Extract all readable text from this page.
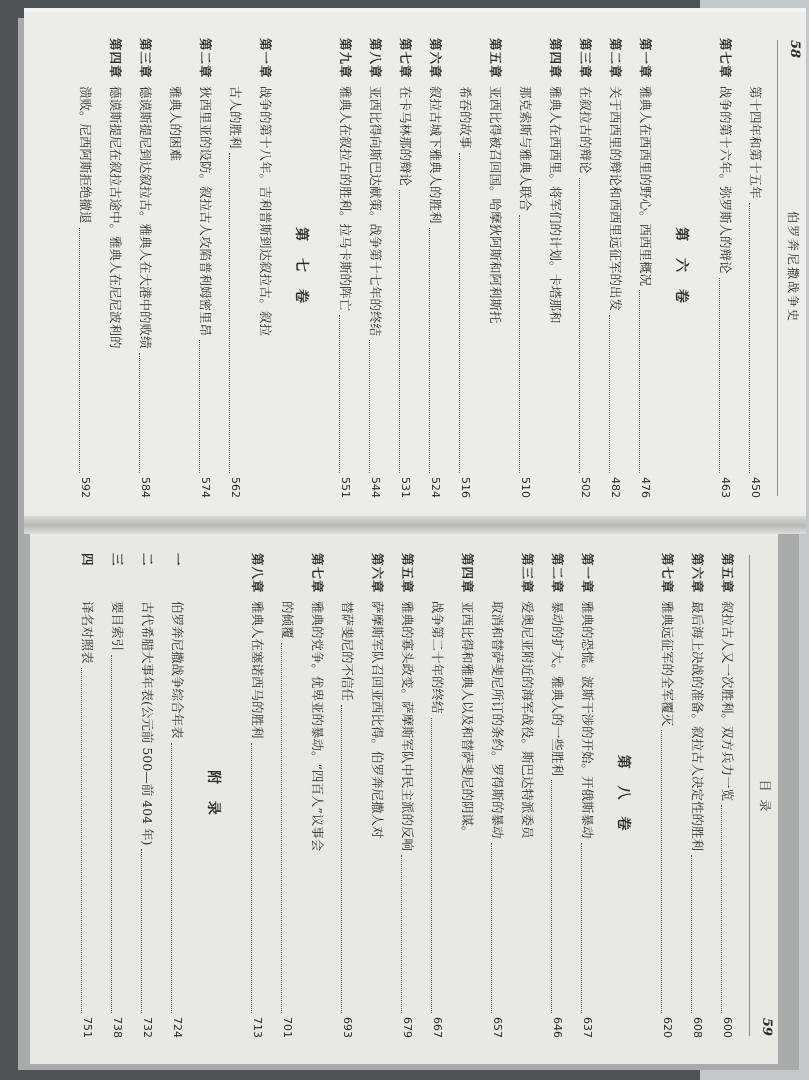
58
伯罗奔尼撒战争史
第十四年和第十五年
450
第七章
战争的第十六年。弥罗斯人的辩论
463
第 六 卷
第一章
雅典人在西西里的野心。西西里概况
476
第二章
关于西西里的辩论和西西里远征军的出发
482
第三章
在叙拉古的辩论
502
第四章
雅典人在西西里。将军们的计划。卡塔那和
那克索斯与雅典人联合
510
第五章
亚西比得被召回国。哈摩狄阿斯和阿利斯托
希吞的故事
516
第六章
叙拉古城下雅典人的胜利
524
第七章
在卡马林那的辩论
531
第八章
亚西比得向斯巴达献策。战争第十七年的终结
544
第九章
雅典人在叙拉古的胜利。拉马卡斯的阵亡
551
第 七 卷
第一章
战争的第十八年。吉利普斯到达叙拉古。叙拉
古人的胜利
562
第二章
狄西里亚的设防。叙拉古人攻陷普利姆密里昂
574
雅典人的困难
第三章
德谟斯提尼到达叙拉古。雅典人在大港中的败绩
584
第四章
德谟斯提尼在叙拉古途中。雅典人在尼尼波利的
溃败。尼西阿斯拒绝撤退
592
目 录
59
第五章
叙拉古人又一次胜利。双方兵力一览
600
第六章
最后海上决战的准备。叙拉古人决定性的胜利
608
第七章
雅典远征军的全军覆灭
620
第 八 卷
第一章
雅典的恐慌。波斯干涉的开始。开俄斯暴动
637
第二章
暴动的扩大。雅典人的一些胜利
646
第三章
爱奥尼亚附近的海军战役。斯巴达特派委员
取消和替萨斐尼所订的条约。罗得斯的暴动
657
第四章
亚西比得和雅典人以及和替萨斐尼的阴谋。
战争第二十年的终结
667
第五章
雅典的寡头政变。萨摩斯军队中民主派的反响
679
第六章
萨摩斯军队召回亚西比得。伯罗奔尼撒人对
替萨斐尼的不信任
693
第七章
雅典的党争。优卑亚的暴动。“四百人”议事会
的倾覆
701
第八章
雅典人在塞诺西马的胜利
713
附 录
一
伯罗奔尼撒战争综合年表
724
二
古代希腊大事年表(公元前 500—前 404 年)
732
三
要目索引
738
四
译名对照表
751
